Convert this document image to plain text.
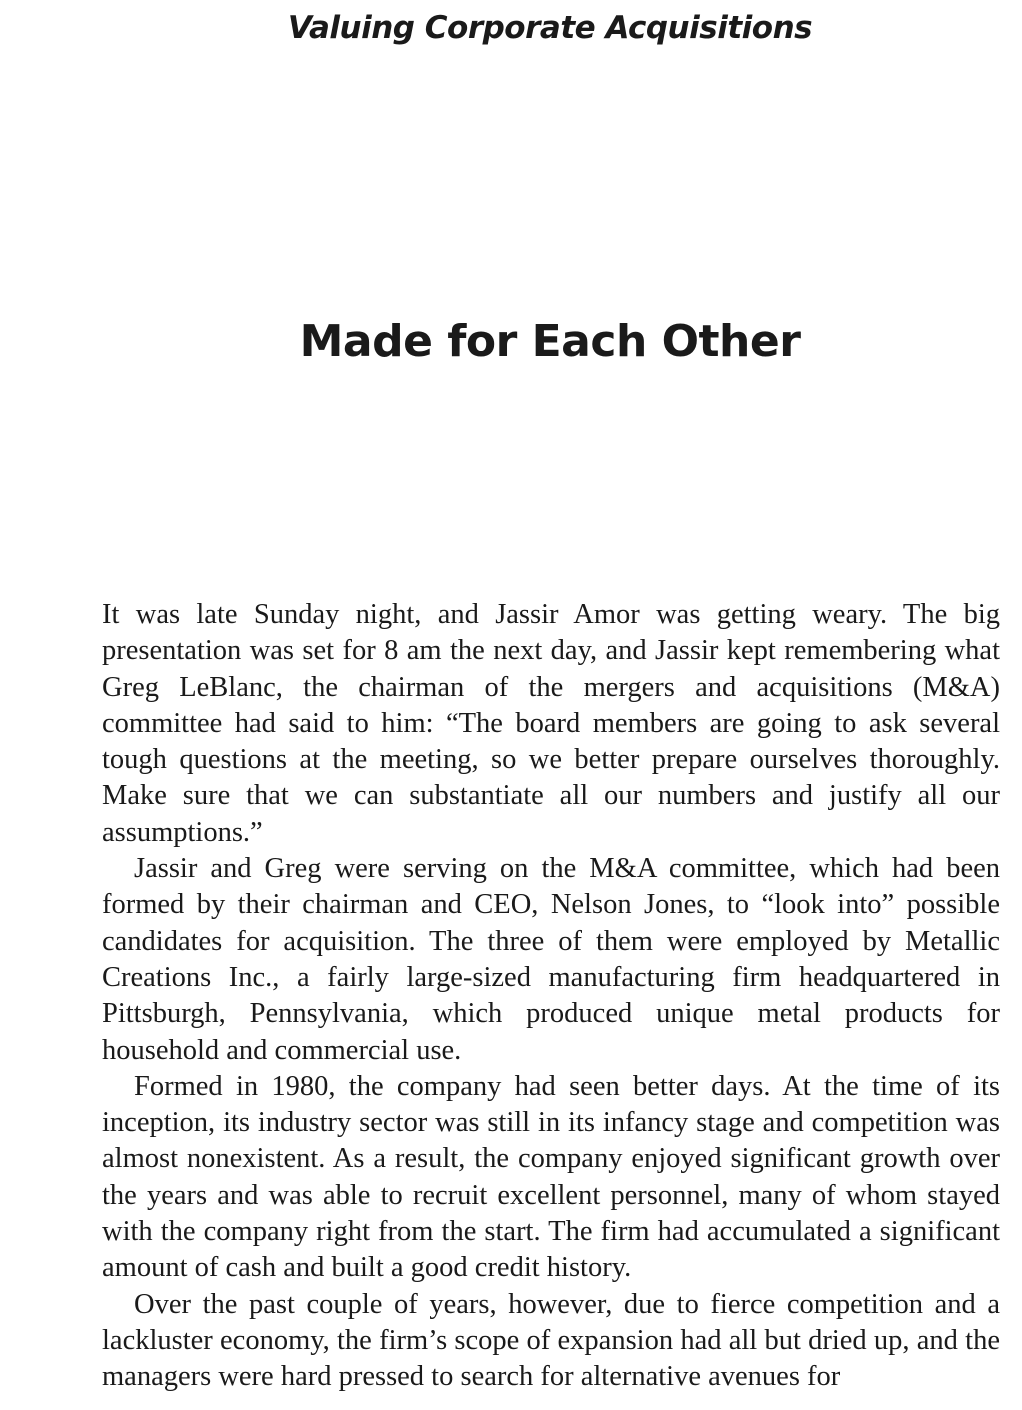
Valuing Corporate Acquisitions
Made for Each Other

It was late Sunday night, and Jassir Amor was getting weary. The big presentation was set for 8 am the next day, and Jassir kept remembering what Greg LeBlanc, the chairman of the mergers and acquisitions (M&A) committee had said to him: “The board members are going to ask several tough questions at the meeting, so we better prepare ourselves thoroughly. Make sure that we can substantiate all our numbers and justify all our assumptions.”

Jassir and Greg were serving on the M&A committee, which had been formed by their chairman and CEO, Nelson Jones, to “look into” possible candidates for acquisition. The three of them were employed by Metallic Creations Inc., a fairly large-sized manufacturing firm headquartered in Pittsburgh, Pennsylvania, which produced unique metal products for household and commercial use.

Formed in 1980, the company had seen better days. At the time of its inception, its industry sector was still in its infancy stage and competition was almost nonexistent. As a result, the company enjoyed significant growth over the years and was able to recruit excellent personnel, many of whom stayed with the company right from the start. The firm had accumulated a significant amount of cash and built a good credit history.

Over the past couple of years, however, due to fierce competition and a lackluster economy, the firm’s scope of expansion had all but dried up, and the managers were hard pressed to search for alternative avenues for
